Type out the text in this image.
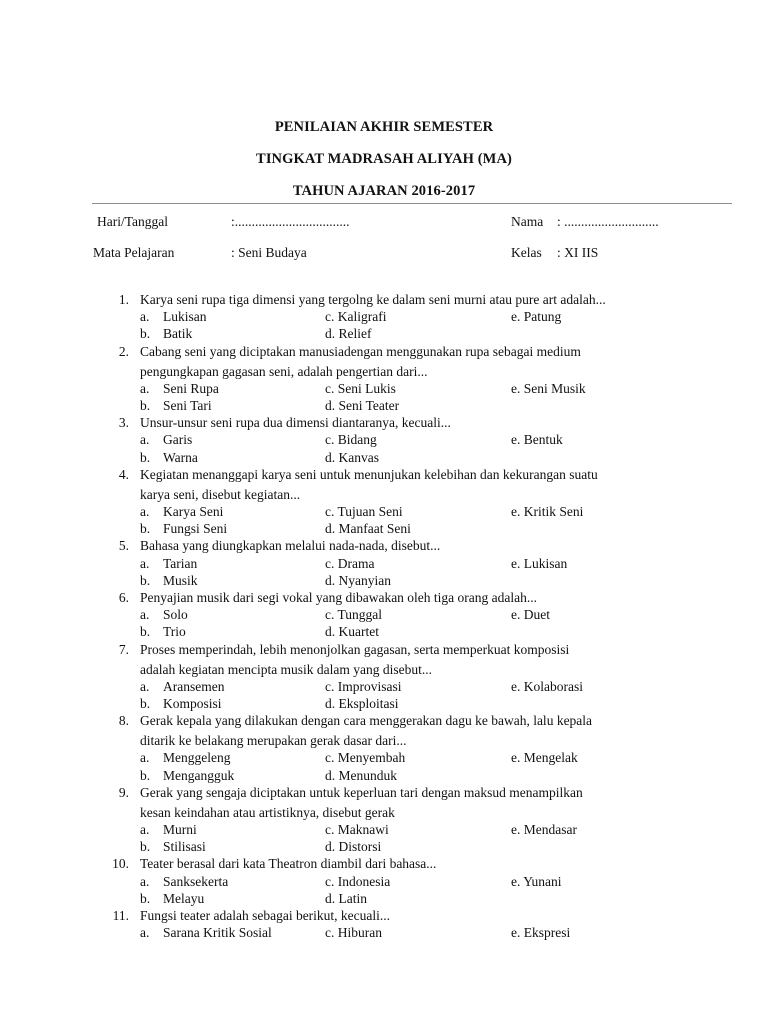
PENILAIAN AKHIR SEMESTER
TINGKAT MADRASAH ALIYAH (MA)
TAHUN AJARAN 2016-2017
Hari/Tanggal	:..................................	Nama : ............................
Mata Pelajaran	: Seni Budaya	Kelas : XI IIS
1. Karya seni rupa tiga dimensi yang tergolng ke dalam seni murni atau pure art adalah...
a. Lukisan	c. Kaligrafi	e. Patung
b. Batik	d. Relief
2. Cabang seni yang diciptakan manusiadengan menggunakan rupa sebagai medium
pengungkapan gagasan seni, adalah pengertian dari...
a. Seni Rupa	c. Seni Lukis	e. Seni Musik
b. Seni Tari	d. Seni Teater
3. Unsur-unsur seni rupa dua dimensi diantaranya, kecuali...
a. Garis	c. Bidang	e. Bentuk
b. Warna	d. Kanvas
4. Kegiatan menanggapi karya seni untuk menunjukan kelebihan dan kekurangan suatu
karya seni, disebut kegiatan...
a. Karya Seni	c. Tujuan Seni	e. Kritik Seni
b. Fungsi Seni	d. Manfaat Seni
5. Bahasa yang diungkapkan melalui nada-nada, disebut...
a. Tarian	c. Drama	e. Lukisan
b. Musik	d. Nyanyian
6. Penyajian musik dari segi vokal yang dibawakan oleh tiga orang adalah...
a. Solo	c. Tunggal	e. Duet
b. Trio	d. Kuartet
7. Proses memperindah, lebih menonjolkan gagasan, serta memperkuat komposisi
adalah kegiatan mencipta musik dalam yang disebut...
a. Aransemen	c. Improvisasi	e. Kolaborasi
b. Komposisi	d. Eksploitasi
8. Gerak kepala yang dilakukan dengan cara menggerakan dagu ke bawah, lalu kepala
ditarik ke belakang merupakan gerak dasar dari...
a. Menggeleng	c. Menyembah	e. Mengelak
b. Mengangguk	d. Menunduk
9. Gerak yang sengaja diciptakan untuk keperluan tari dengan maksud menampilkan
kesan keindahan atau artistiknya, disebut gerak
a. Murni	c. Maknawi	e. Mendasar
b. Stilisasi	d. Distorsi
10. Teater berasal dari kata Theatron diambil dari bahasa...
a. Sanksekerta	c. Indonesia	e. Yunani
b. Melayu	d. Latin
11. Fungsi teater adalah sebagai berikut, kecuali...
a. Sarana Kritik Sosial	c. Hiburan	e. Ekspresi
